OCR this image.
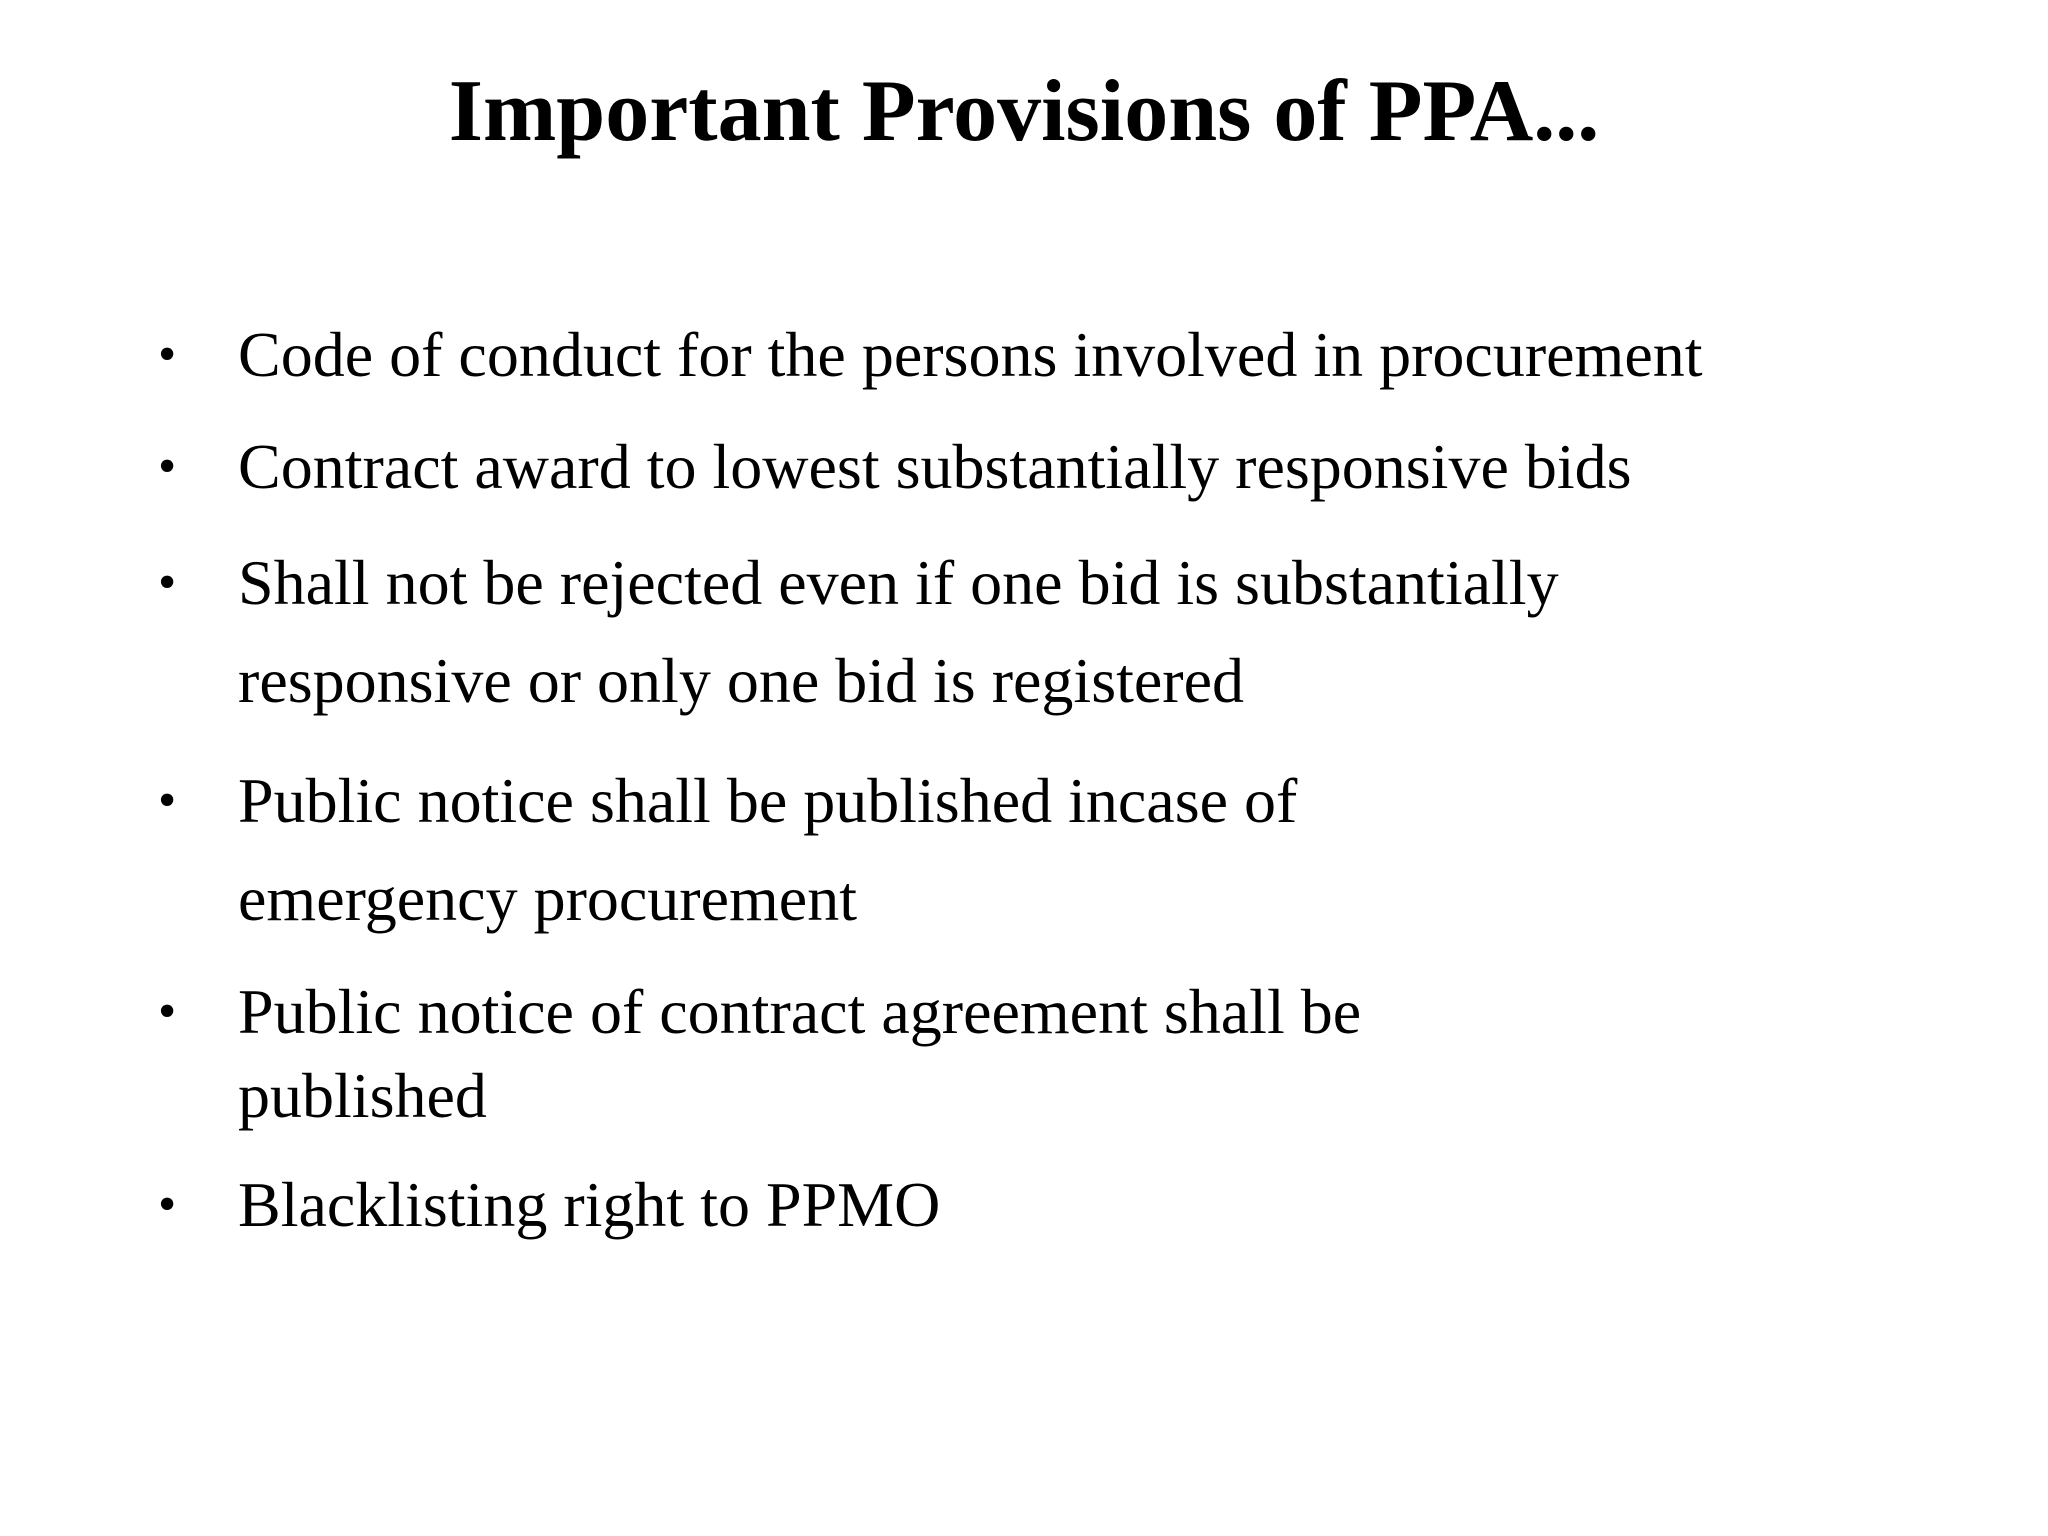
Important Provisions of PPA...
• Code of conduct for the persons involved in procurement
• Contract award to lowest substantially responsive bids
• Shall not be rejected even if one bid is substantially
responsive or only one bid is registered
• Public notice shall be published incase of
emergency procurement
• Public notice of contract agreement shall be
published
• Blacklisting right to PPMO
